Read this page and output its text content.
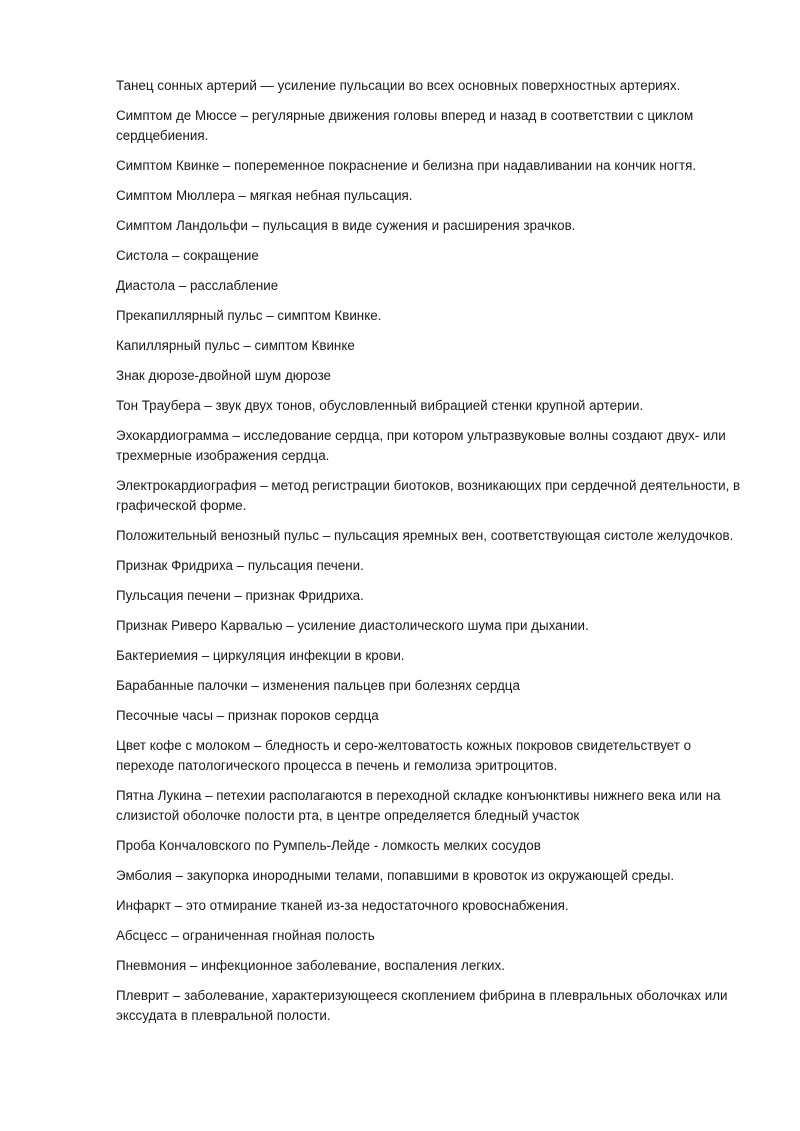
Танец сонных артерий — усиление пульсации во всех основных поверхностных артериях.

Симптом де Мюссе – регулярные движения головы вперед и назад в соответствии с циклом сердцебиения.

Симптом Квинке – попеременное покраснение и белизна при надавливании на кончик ногтя.

Симптом Мюллера – мягкая небная пульсация.

Симптом Ландольфи – пульсация в виде сужения и расширения зрачков.

Систола – сокращение

Диастола – расслабление

Прекапиллярный пульс – симптом Квинке.

Капиллярный пульс – симптом Квинке

Знак дюрозе-двойной шум дюрозе

Тон Траубера – звук двух тонов, обусловленный вибрацией стенки крупной артерии.

Эхокардиограмма – исследование сердца, при котором ультразвуковые волны создают двух- или трехмерные изображения сердца.

Электрокардиография – метод регистрации биотоков, возникающих при сердечной деятельности, в графической форме.

Положительный венозный пульс – пульсация яремных вен, соответствующая систоле желудочков.

Признак Фридриха – пульсация печени.

Пульсация печени – признак Фридриха.

Признак Риверо Карвалью – усиление диастолического шума при дыхании.

Бактериемия – циркуляция инфекции в крови.

Барабанные палочки – изменения пальцев при болезнях сердца

Песочные часы – признак пороков сердца

Цвет кофе с молоком – бледность и серо-желтоватость кожных покровов свидетельствует о переходе патологического процесса в печень и гемолиза эритроцитов.

Пятна Лукина – петехии располагаются в переходной складке конъюнктивы нижнего века или на слизистой оболочке полости рта, в центре определяется бледный участок

Проба Кончаловского по Румпель-Лейде - ломкость мелких сосудов

Эмболия – закупорка инородными телами, попавшими в кровоток из окружающей среды.

Инфаркт – это отмирание тканей из-за недостаточного кровоснабжения.

Абсцесс – ограниченная гнойная полость

Пневмония – инфекционное заболевание, воспаления легких.

Плеврит – заболевание, характеризующееся скоплением фибрина в плевральных оболочках или экссудата в плевральной полости.
